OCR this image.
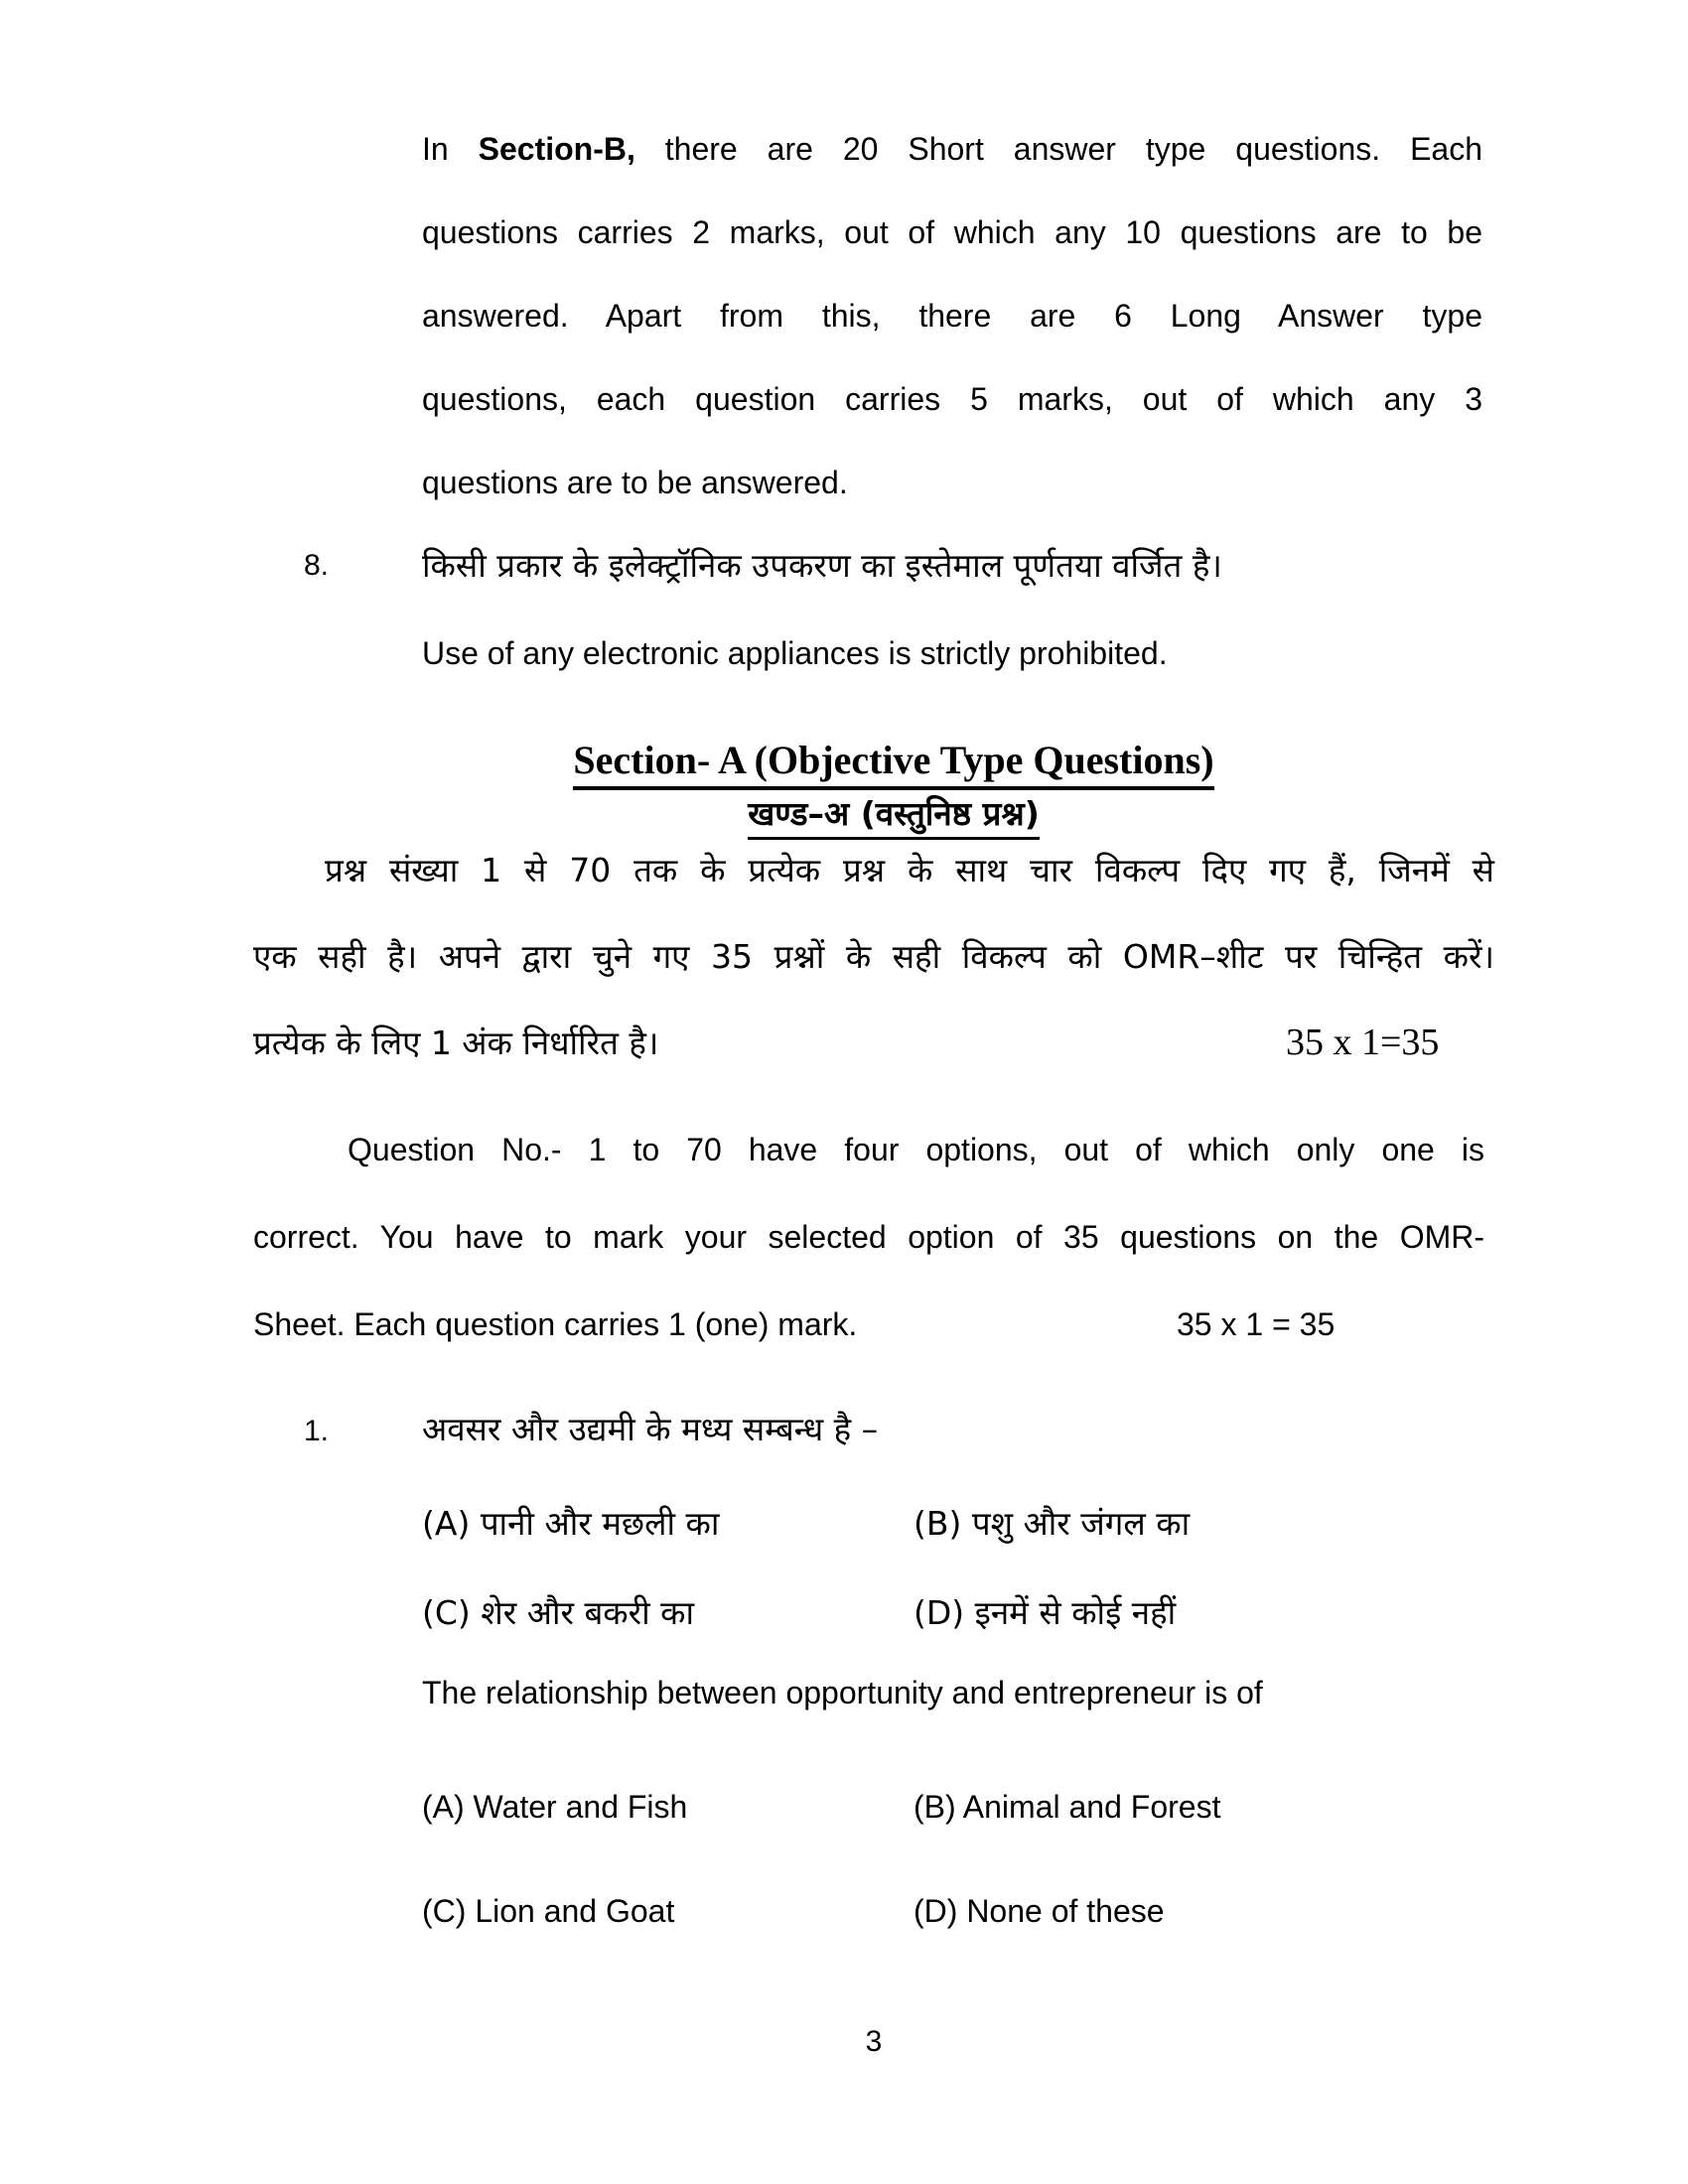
In Section-B, there are 20 Short answer type questions. Each
questions carries 2 marks, out of which any 10 questions are to be
answered. Apart from this, there are 6 Long Answer type
questions, each question carries 5 marks, out of which any 3
questions are to be answered.
8.	किसी प्रकार के इलेक्ट्रॉनिक उपकरण का इस्तेमाल पूर्णतया वर्जित है।
Use of any electronic appliances is strictly prohibited.
Section- A (Objective Type Questions)
खण्ड–अ (वस्तुनिष्ठ प्रश्न)
प्रश्न संख्या 1 से 70 तक के प्रत्येक प्रश्न के साथ चार विकल्प दिए गए हैं, जिनमें से
एक सही है। अपने द्वारा चुने गए 35 प्रश्नों के सही विकल्प को OMR–शीट पर चिन्हित करें।
प्रत्येक के लिए 1 अंक निर्धारित है।	35 x 1=35
Question No.- 1 to 70 have four options, out of which only one is
correct. You have to mark your selected option of 35 questions on the OMR-
Sheet. Each question carries 1 (one) mark.	35 x 1 = 35
1.	अवसर और उद्यमी के मध्य सम्बन्ध है –
(A) पानी और मछली का	(B) पशु और जंगल का
(C) शेर और बकरी का	(D) इनमें से कोई नहीं
The relationship between opportunity and entrepreneur is of
(A) Water and Fish	(B) Animal and Forest
(C) Lion and Goat	(D) None of these
3
